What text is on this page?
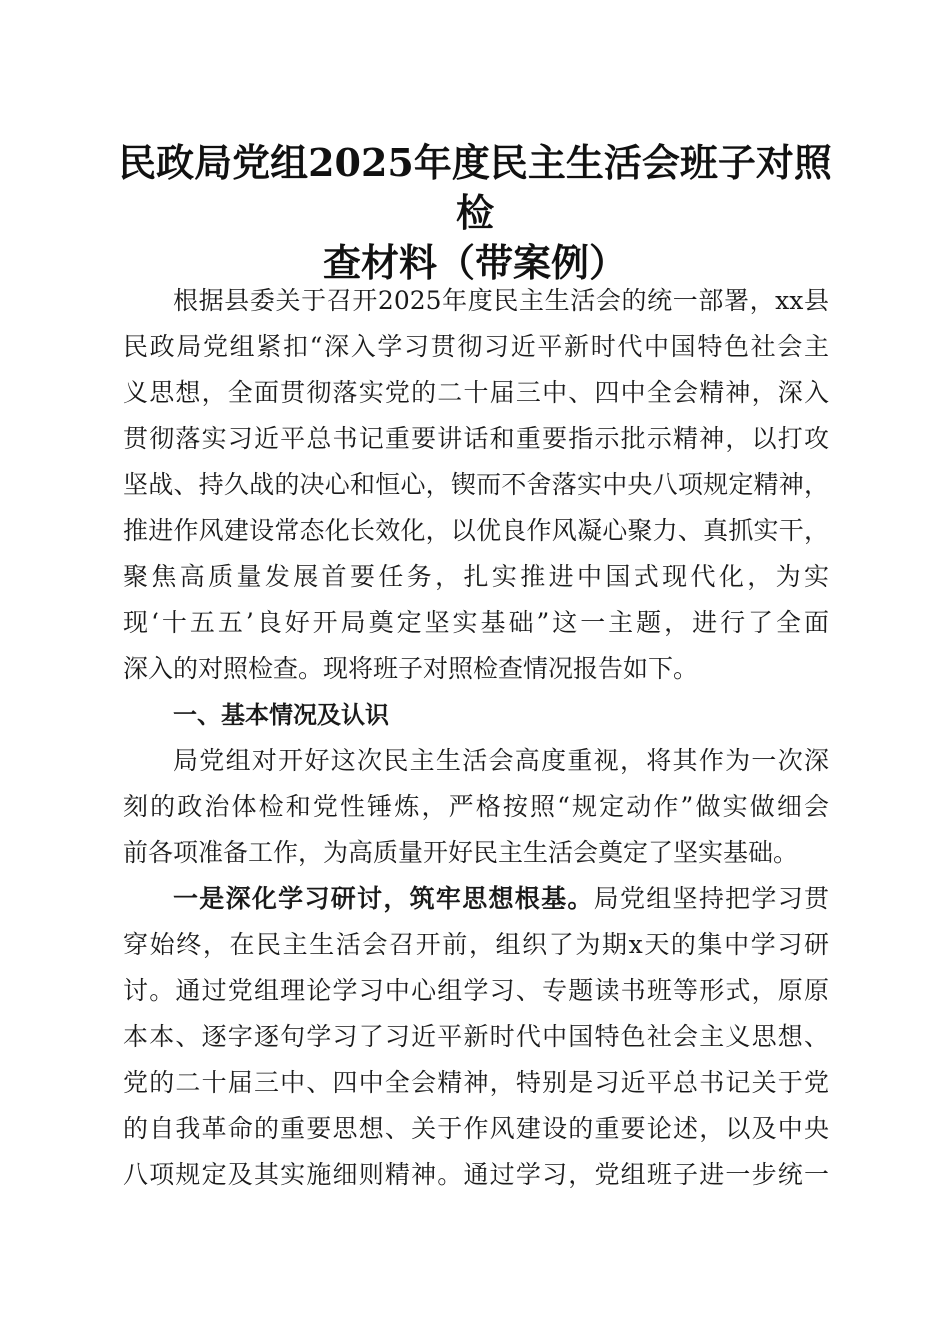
民政局党组2025年度民主生活会班子对照检
查材料（带案例）
根据县委关于召开2025年度民主生活会的统一部署，xx县
民政局党组紧扣“深入学习贯彻习近平新时代中国特色社会主
义思想，全面贯彻落实党的二十届三中、四中全会精神，深入
贯彻落实习近平总书记重要讲话和重要指示批示精神，以打攻
坚战、持久战的决心和恒心，锲而不舍落实中央八项规定精神，
推进作风建设常态化长效化，以优良作风凝心聚力、真抓实干，
聚焦高质量发展首要任务，扎实推进中国式现代化，为实
现‘十五五’良好开局奠定坚实基础”这一主题，进行了全面
深入的对照检查。现将班子对照检查情况报告如下。
一、基本情况及认识
局党组对开好这次民主生活会高度重视，将其作为一次深
刻的政治体检和党性锤炼，严格按照“规定动作”做实做细会
前各项准备工作，为高质量开好民主生活会奠定了坚实基础。
一是深化学习研讨，筑牢思想根基。局党组坚持把学习贯
穿始终，在民主生活会召开前，组织了为期x天的集中学习研
讨。通过党组理论学习中心组学习、专题读书班等形式，原原
本本、逐字逐句学习了习近平新时代中国特色社会主义思想、
党的二十届三中、四中全会精神，特别是习近平总书记关于党
的自我革命的重要思想、关于作风建设的重要论述，以及中央
八项规定及其实施细则精神。通过学习，党组班子进一步统一
